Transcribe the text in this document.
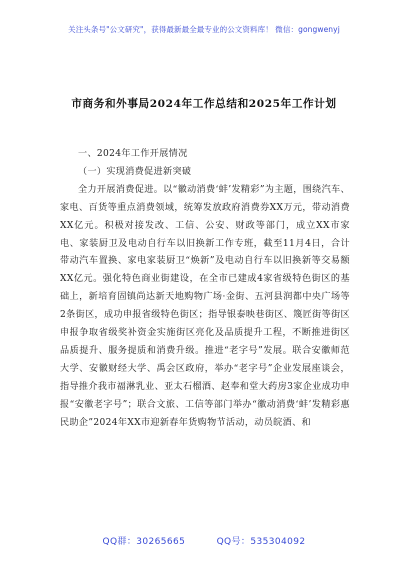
关注头条号"公文研究"，获得最新最全最专业的公文资料库！ 微信：gongwenyj
市商务和外事局2024年工作总结和2025年工作计划
一、2024年工作开展情况
（一）实现消费促进新突破

全力开展消费促进。以“徽动消费‘蚌’发精彩”为主题，围绕汽车、家电、百货等重点消费领域，统筹发放政府消费券XX万元，带动消费XX亿元。积极对接发改、工信、公安、财政等部门，成立XX市家电、家装厨卫及电动自行车以旧换新工作专班，截至11月4日，合计带动汽车置换、家电家装厨卫“焕新”及电动自行车以旧换新等交易额XX亿元。强化特色商业街建设，在全市已建成4家省级特色街区的基础上，新培育固镇尚达新天地购物广场·金街、五河县润都中央广场等2条街区，成功申报省级特色街区；指导银泰映巷街区、篾匠街等街区申报争取省级奖补资金实施街区亮化及品质提升工程，不断推进街区品质提升、服务提质和消费升级。推进“老字号”发展。联合安徽师范大学、安徽财经大学、禹会区政府，举办“老字号”企业发展座谈会，指导推介我市福淋乳业、亚太石榴酒、赵奉和堂大药房3家企业成功申报“安徽老字号”；联合文旅、工信等部门举办“徽动消费‘蚌’发精彩惠民助企”2024年XX市迎新春年货购物节活动，动员皖酒、和

QQ群：30265665	QQ号：535304092
